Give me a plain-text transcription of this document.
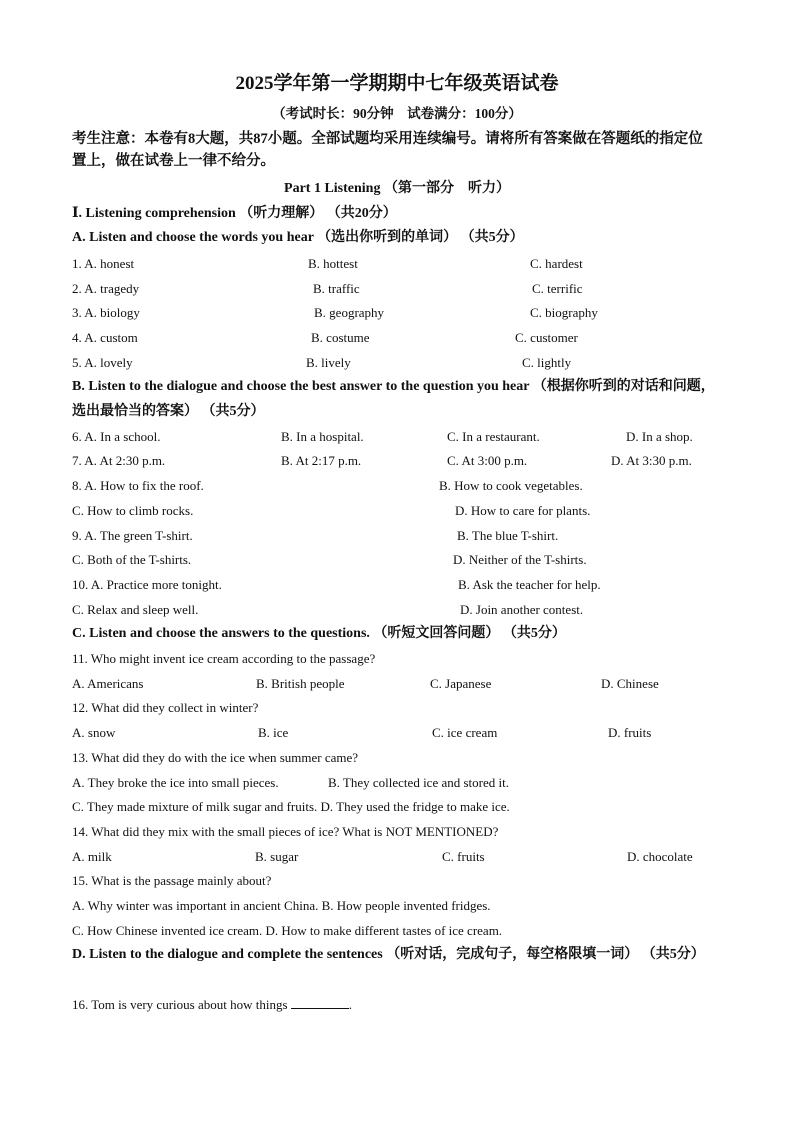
2025学年第一学期期中七年级英语试卷
（考试时长：90分钟　试卷满分：100分）
考生注意：本卷有8大题，共87小题。全部试题均采用连续编号。请将所有答案做在答题纸的指定位置上，做在试卷上一律不给分。
Part 1 Listening （第一部分　听力）
Ⅰ. Listening comprehension （听力理解） （共20分）
A. Listen and choose the words you hear （选出你听到的单词） （共5分）
1. A. honest	B. hottest	C. hardest
2. A. tragedy	B. traffic	C. terrific
3. A. biology	B. geography	C. biography
4. A. custom	B. costume	C. customer
5. A. lovely	B. lively	C. lightly
B. Listen to the dialogue and choose the best answer to the question you hear （根据你听到的对话和问题，选出最恰当的答案） （共5分）
6. A. In a school.	B. In a hospital.	C. In a restaurant.	D. In a shop.
7. A. At 2:30 p.m.	B. At 2:17 p.m.	C. At 3:00 p.m.	D. At 3:30 p.m.
8. A. How to fix the roof.	B. How to cook vegetables.
C. How to climb rocks.	D. How to care for plants.
9. A. The green T-shirt.	B. The blue T-shirt.
C. Both of the T-shirts.	D. Neither of the T-shirts.
10. A. Practice more tonight.	B. Ask the teacher for help.
C. Relax and sleep well.	D. Join another contest.
C. Listen and choose the answers to the questions. （听短文回答问题） （共5分）
11. Who might invent ice cream according to the passage?
A. Americans	B. British people	C. Japanese	D. Chinese
12. What did they collect in winter?
A. snow	B. ice	C. ice cream	D. fruits
13. What did they do with the ice when summer came?
A. They broke the ice into small pieces.	B. They collected ice and stored it.
C. They made mixture of milk sugar and fruits. D. They used the fridge to make ice.
14. What did they mix with the small pieces of ice? What is NOT MENTIONED?
A. milk	B. sugar	C. fruits	D. chocolate
15. What is the passage mainly about?
A. Why winter was important in ancient China. B. How people invented fridges.
C. How Chinese invented ice cream. D. How to make different tastes of ice cream.
D. Listen to the dialogue and complete the sentences （听对话，完成句子，每空格限填一词） （共5分）
16. Tom is very curious about how things	.
